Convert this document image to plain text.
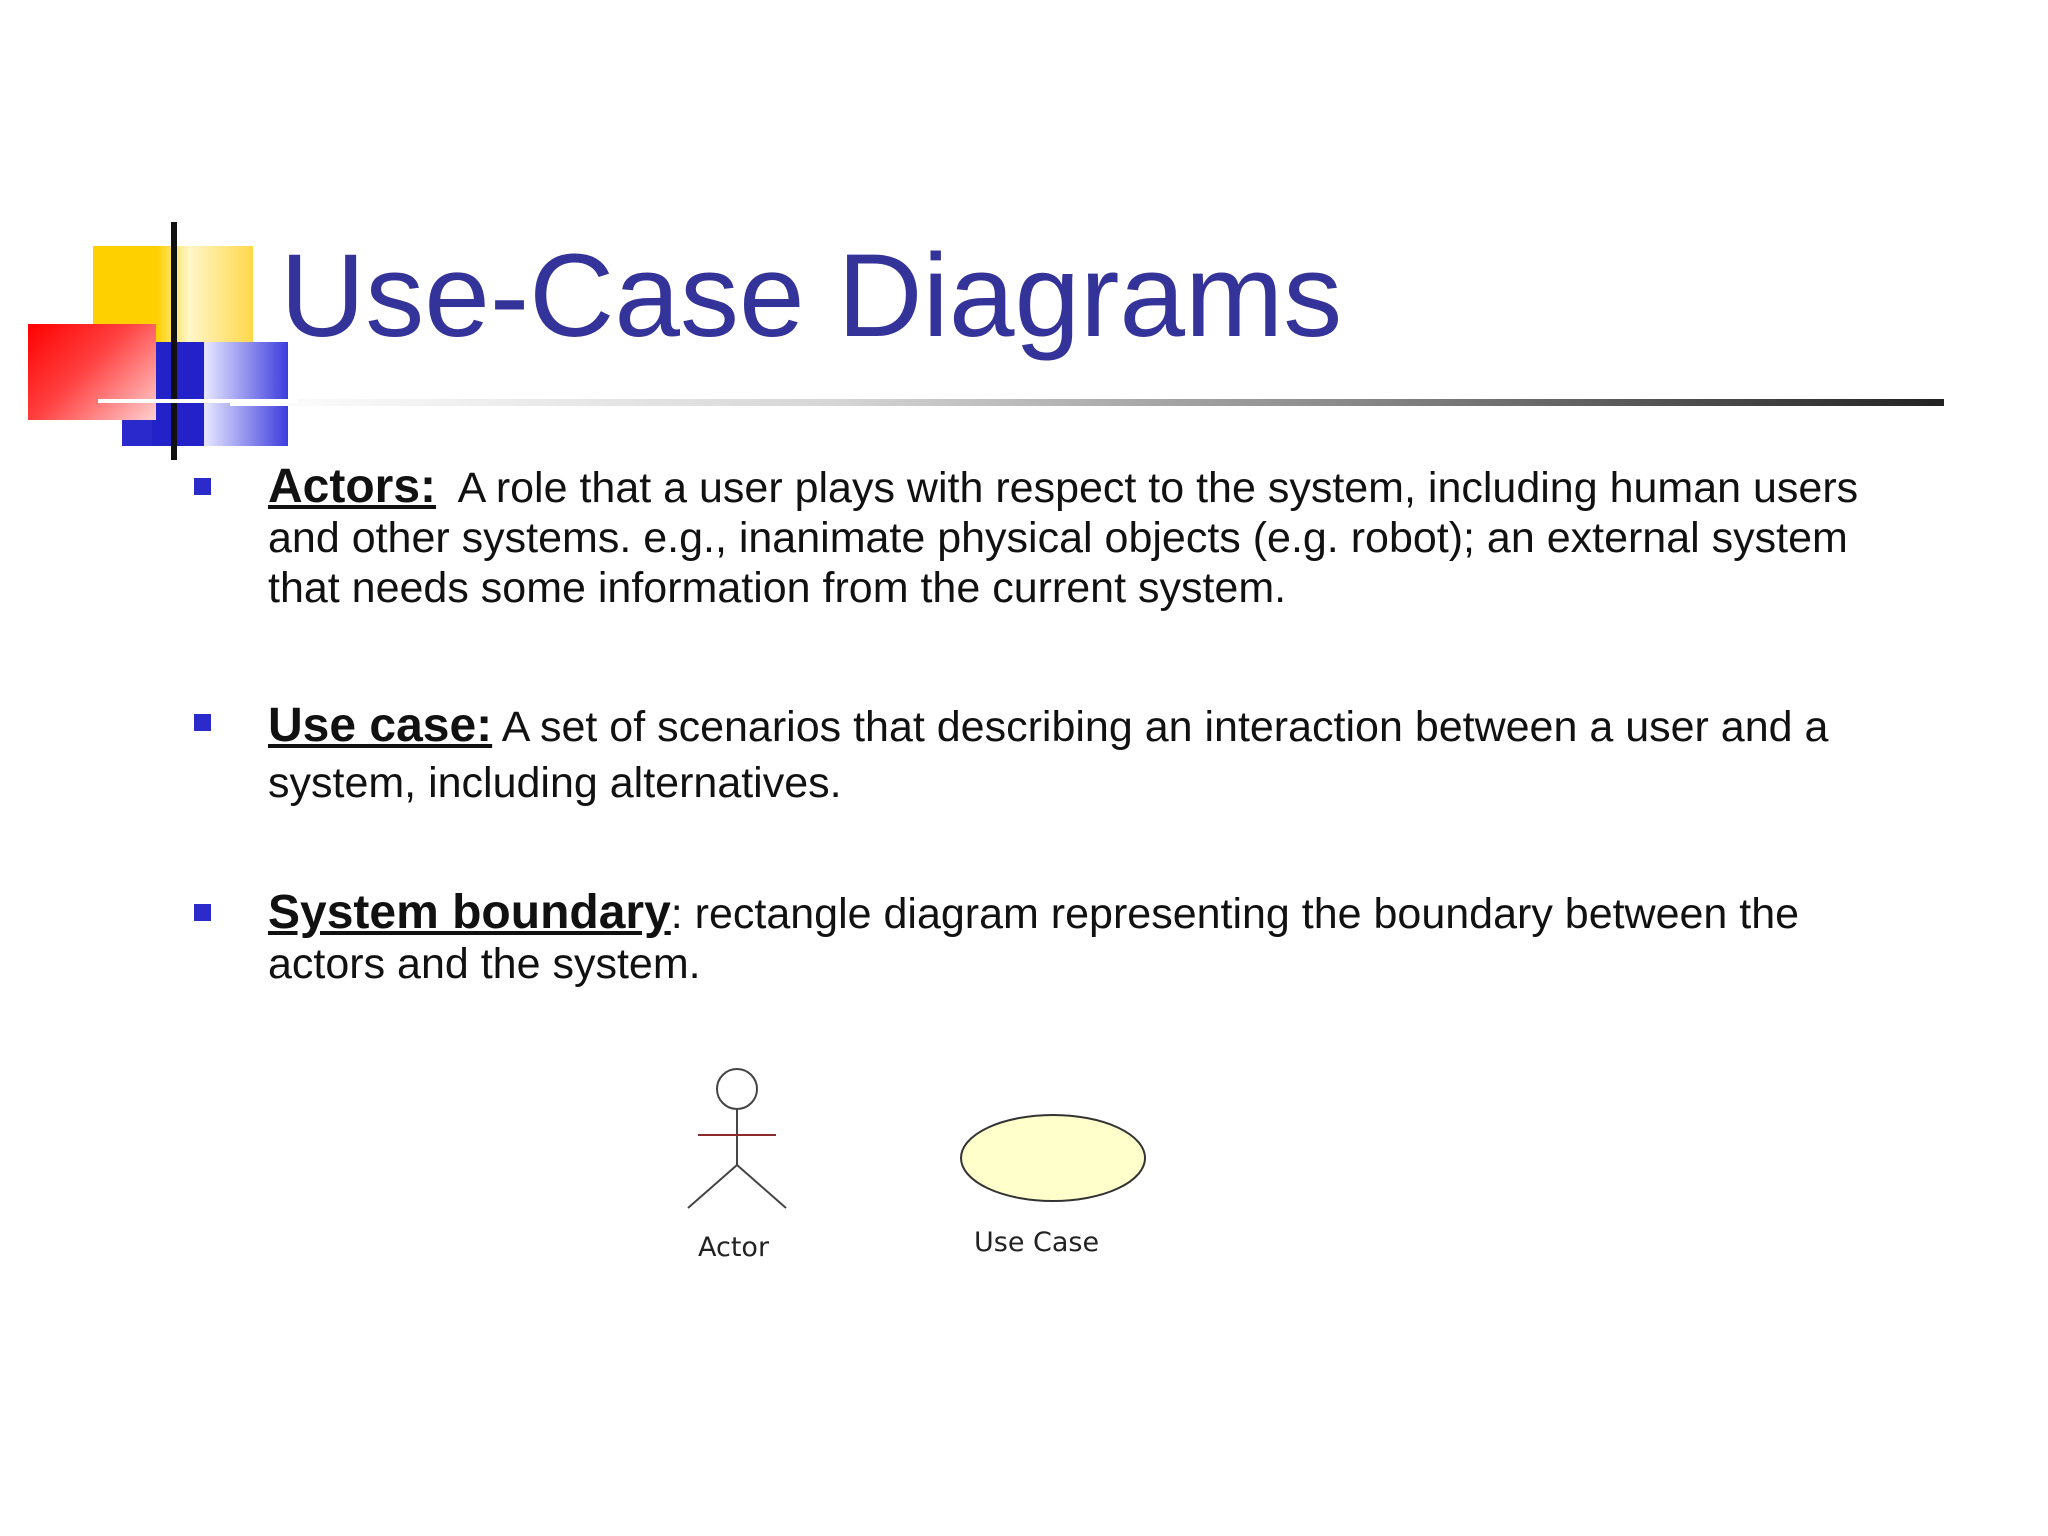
Use-Case Diagrams
Actors: A role that a user plays with respect to the system, including human users and other systems. e.g., inanimate physical objects (e.g. robot); an external system that needs some information from the current system.
Use case: A set of scenarios that describing an interaction between a user and a system, including alternatives.
System boundary: rectangle diagram representing the boundary between the actors and the system.
Actor	Use Case
